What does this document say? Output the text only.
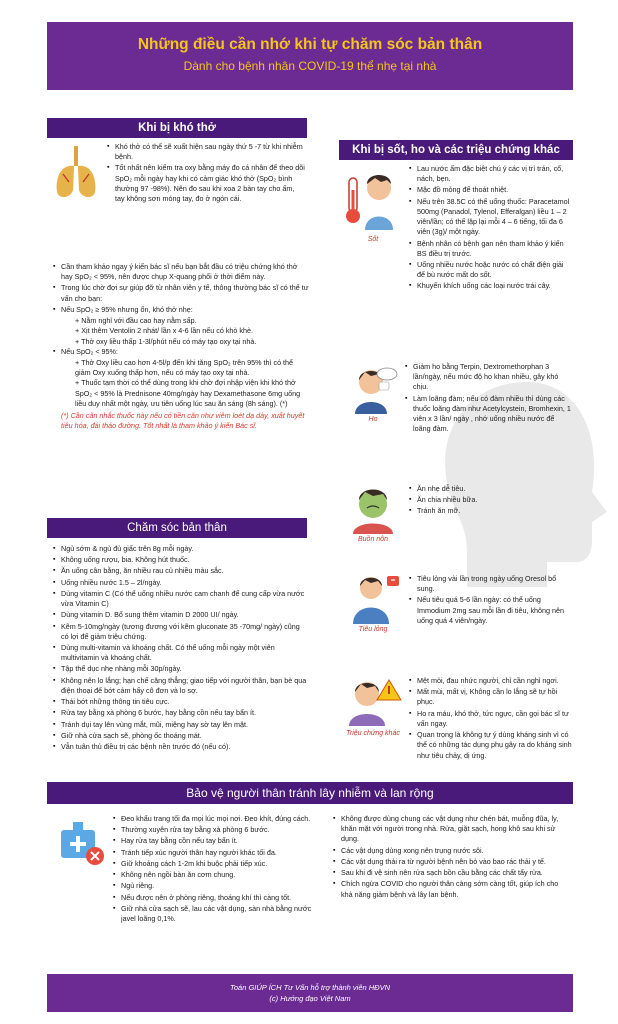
Những điều cần nhớ khi tự chăm sóc bản thân
Dành cho bệnh nhân COVID-19 thể nhẹ tại nhà
Khi bị khó thở
▪ Khó thở có thể sẽ xuất hiện sau ngày thứ 5 -7 từ khi nhiễm bệnh.
▪ Tốt nhất nên kiểm tra oxy bằng máy đo cá nhân để theo dõi SpO₂ mỗi ngày hay khi có cảm giác khó thở (SpO₂ bình thường 97 -98%). Nên đo sau khi xoa 2 bàn tay cho ấm, tay không sơn móng tay, đo ở ngón cái.
▪ Cần tham khảo ngay ý kiến bác sĩ nếu bạn bắt đầu có triệu chứng khó thở hay SpO₂ < 95%, nên được chụp X-quang phổi ở thời điểm này.
▪ Trong lúc chờ đợi sự giúp đỡ từ nhân viên y tế, thông thường bác sĩ có thể tư vấn cho bạn:
▪ Nếu SpO₂ ≥ 95% nhưng ổn, khó thở nhẹ:
+ Nằm nghỉ với đầu cao hay nằm sấp.
+ Xịt thêm Ventolin 2 nhát/ lần x 4-6 lần nếu có khò khè.
+ Thở oxy liều thấp 1-3l/phút nếu có máy tạo oxy tại nhà.
▪ Nếu SpO₂ < 95%:
+ Thở Oxy liều cao hơn 4-5l/p đến khi tăng SpO₂ trên 95% thì có thể giảm Oxy xuống thấp hơn, nếu có máy tạo oxy tại nhà.
+ Thuốc tạm thời có thể dùng trong khi chờ đợi nhập viện khi khó thở SpO₂ < 95% là Prednisone 40mg/ngày hay Dexamethasone 6mg uống liều duy nhất một ngày, ưu tiên uống lúc sau ăn sáng (8h sáng). (*)
(*) Cần cân nhắc thuốc này nếu có tiền căn như viêm loét dạ dày, xuất huyết tiêu hóa, đái tháo đường. Tốt nhất là tham khảo ý kiến Bác sĩ.
Chăm sóc bản thân
▪ Ngủ sớm & ngủ đủ giấc trên 8g mỗi ngày.
▪ Không uống rượu, bia. Không hút thuốc.
▪ Ăn uống cân bằng, ăn nhiều rau củ nhiều màu sắc.
▪ Uống nhiều nước 1.5 – 2l/ngày.
▪ Dùng vitamin C (Có thể uống nhiều nước cam chanh để cung cấp vừa nước vừa Vitamin C)
▪ Dùng vitamin D. Bổ sung thêm vitamin D 2000 UI/ ngày.
▪ Kẽm 5-10mg/ngày (tương đương với kẽm gluconate 35 -70mg/ ngày) cũng có lợi để giảm triệu chứng.
▪ Dùng multi-vitamin và khoáng chất. Có thể uống mỗi ngày một viên multivitamin và khoáng chất.
▪ Tập thể dục nhẹ nhàng mỗi 30p/ngày.
▪ Không nên lo lắng; hạn chế căng thẳng; giao tiếp với người thân, bạn bè qua điện thoại để bớt cảm hấy cô đơn và lo sợ.
▪ Thái bớt những thông tin tiêu cực.
▪ Rửa tay bằng xà phòng 6 bước, hay bằng cồn nếu tay bẩn ít.
▪ Tránh dụi tay lên vùng mắt, mũi, miệng hay sờ tay lên mặt.
▪ Giữ nhà cửa sạch sẽ, phòng ốc thoáng mát.
▪ Vẫn tuân thủ điều trị các bệnh nền trước đó (nếu có).
Khi bị sốt, ho và các triệu chứng khác
Sốt
▪ Lau nước ấm đặc biệt chú ý các vị trí trán, cổ, nách, bẹn.
▪ Mặc đồ mỏng để thoát nhiệt.
▪ Nếu trên 38.5C có thể uống thuốc: Paracetamol 500mg (Panadol, Tylenol, Efferalgan) liều 1 – 2 viên/lần; có thể lặp lại mỗi 4 – 6 tiếng, tối đa 6 viên (3g)/ một ngày.
▪ Bệnh nhân có bệnh gan nên tham khảo ý kiến BS điều trị trước.
▪ Uống nhiều nước hoặc nước có chất điện giải để bù nước mất do sốt.
▪ Khuyến khích uống các loại nước trái cây.
Ho
▪ Giảm ho bằng Terpin, Dextromethorphan 3 lần/ngày, nếu mức độ ho khan nhiều, gây khó chịu.
▪ Làm loãng đàm; nếu có đàm nhiều thì dùng các thuốc loãng đàm như Acetylcystein, Bromhexin, 1 viên x 3 lần/ ngày , nhớ uống nhiều nước để loãng đàm.
Buồn nôn
▪ Ăn nhẹ dễ tiêu.
▪ Ăn chia nhiều bữa.
▪ Tránh ăn mỡ.
Tiêu lỏng
▪ Tiêu lỏng vài lần trong ngày uống Oresol bổ sung.
▪ Nếu tiêu quá 5-6 lần ngày: có thể uống Immodium 2mg sau mỗi lần đi tiêu, không nên uống quá 4 viên/ngày.
Triệu chứng khác
▪ Mệt mỏi, đau nhức người, chỉ cần nghỉ ngơi.
▪ Mất mùi, mất vị, Không cần lo lắng sẽ tự hồi phục.
▪ Ho ra máu, khó thở, tức ngực, cần gọi bác sĩ tư vấn ngay.
▪ Quan trọng là không tự ý dùng kháng sinh vì có thể có những tác dụng phụ gây ra do kháng sinh như tiêu chảy, dị ứng.
Bảo vệ người thân tránh lây nhiễm và lan rộng
▪ Đeo khẩu trang tối đa mọi lúc mọi nơi. Đeo khít, đúng cách.
▪ Thường xuyên rửa tay bằng xà phòng 6 bước.
▪ Hay rửa tay bằng cồn nếu tay bẩn ít.
▪ Tránh tiếp xúc người thân hay người khác tối đa.
▪ Giữ khoảng cách 1-2m khi buộc phải tiếp xúc.
▪ Không nên ngồi bàn ăn cơm chung.
▪ Ngủ riêng.
▪ Nếu được nên ở phòng riêng, thoáng khí thì càng tốt.
▪ Giữ nhà cửa sạch sẽ, lau các vật dụng, sàn nhà bằng nước javel loãng 0,1%.
▪ Không được dùng chung các vật dụng như chén bát, muỗng đũa, ly, khăn mặt với người trong nhà. Rửa, giặt sạch, hong khô sau khi sử dụng.
▪ Các vật dụng dùng xong nên trụng nước sôi.
▪ Các vật dụng thải ra từ người bệnh nên bỏ vào bao rác thải y tế.
▪ Sau khi đi vệ sinh nên rửa sạch bồn cầu bằng các chất tẩy rửa.
▪ Chích ngừa COVID cho người thân càng sớm càng tốt, giúp ích cho khả năng giảm bệnh và lây lan bệnh.
Toán GIÚP ÍCH Tư Vấn hỗ trợ thành viên HĐVN
(c) Hướng đạo Việt Nam
